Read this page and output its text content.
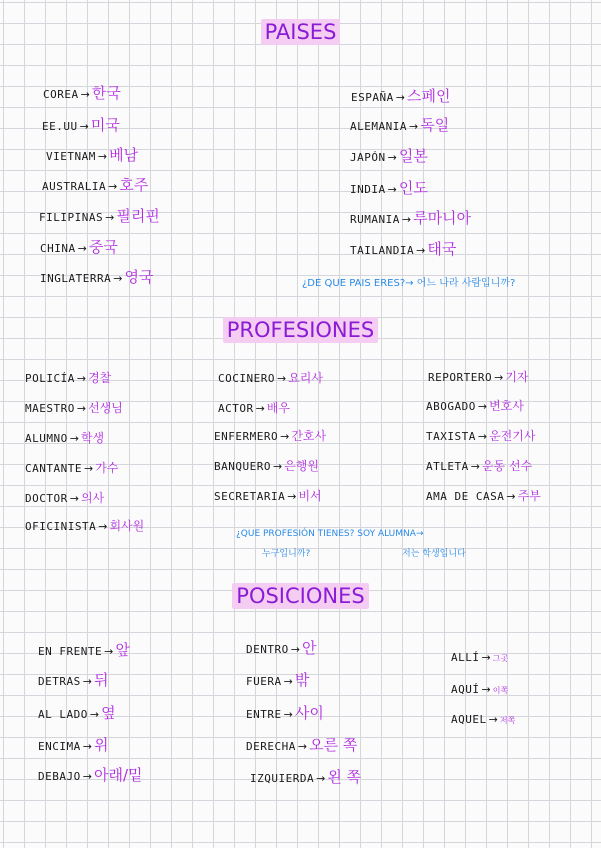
PAISES
COREA → 한국
EE.UU → 미국
VIETNAM → 베남
AUSTRALIA → 호주
FILIPINAS → 필리핀
CHINA → 중국
INGLATERRA → 영국
ESPAÑA → 스페인
ALEMANIA → 독일
JAPÓN → 일본
INDIA → 인도
RUMANIA → 루마니아
TAILANDIA → 태국
¿DE QUE PAIS ERES?→ 어느 나라 사람입니까?
PROFESIONES
POLICÍA → 경찰
MAESTRO → 선생님
ALUMNO → 학생
CANTANTE → 가수
DOCTOR → 의사
OFICINISTA → 회사원
COCINERO → 요리사
ACTOR → 배우
ENFERMERO → 간호사
BANQUERO → 은행원
SECRETARIA → 비서
REPORTERO → 기자
ABOGADO → 변호사
TAXISTA → 운전기사
ATLETA → 운동 선수
AMA DE CASA → 주부
¿QUE PROFESIÓN TIENES? SOY ALUMNA→
누구입니까?	저는 학생입니다
POSICIONES
EN FRENTE → 앞
DETRAS → 뒤
AL LADO → 옆
ENCIMA → 위
DEBAJO → 아래/밑
DENTRO → 안
FUERA → 밖
ENTRE → 사이
DERECHA → 오른 쪽
IZQUIERDA → 왼 쪽
ALLÍ → 그곳
AQUÍ → 이쪽
AQUEL → 저쪽
